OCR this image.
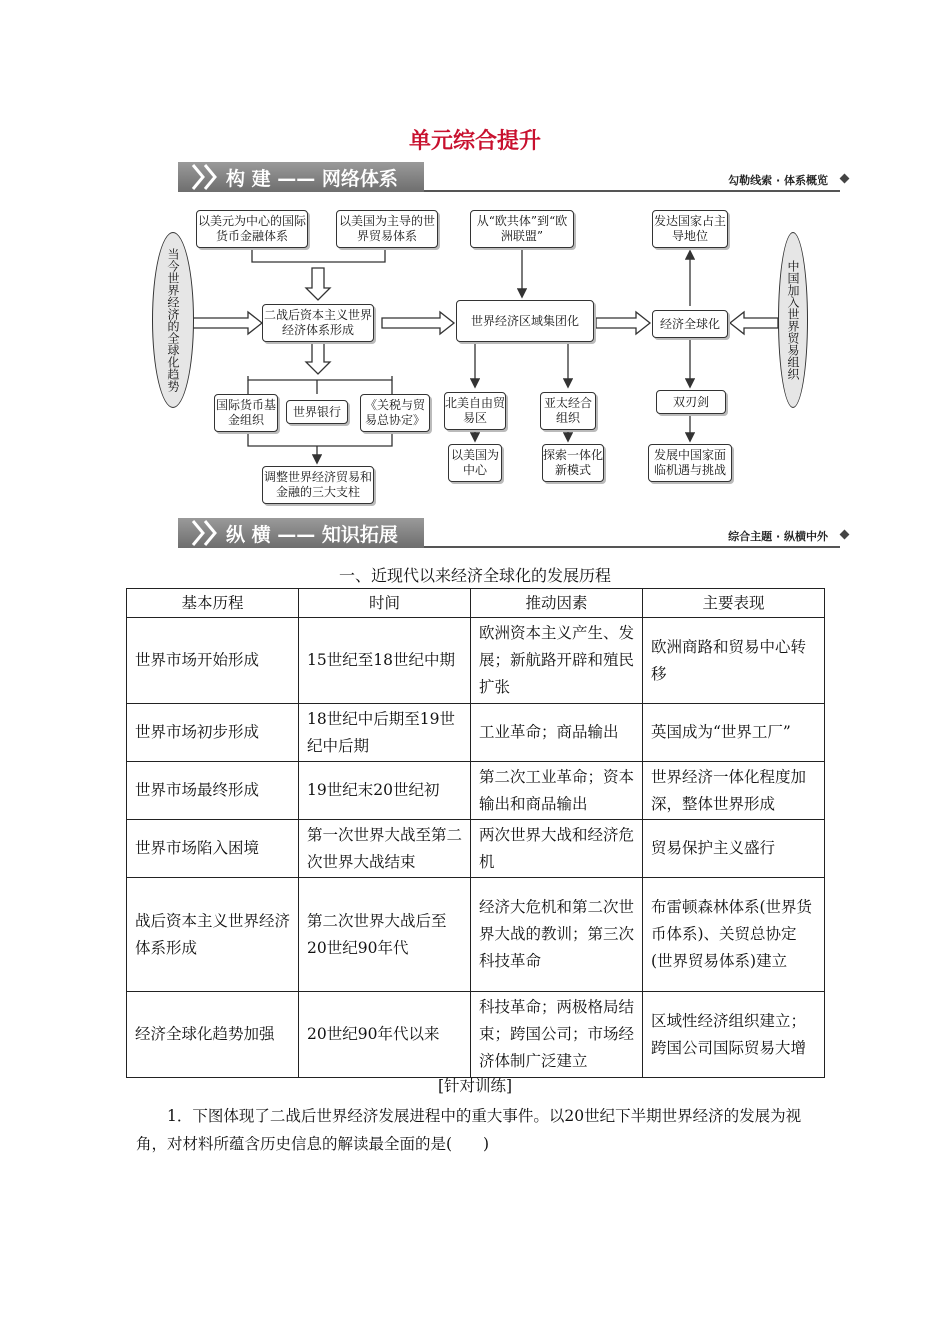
单元综合提升
构 建 —— 网络体系	勾勒线索 · 体系概览
当今世界经济的全球化趋势	中国加入世界贸易组织
以美元为中心的国际货币金融体系
以美国为主导的世界贸易体系
二战后资本主义世界经济体系形成
国际货币基金组织
世界银行	《关税与贸易总协定》
调整世界经济贸易和金融的三大支柱
从“欧共体”到“欧洲联盟”
世界经济区域集团化
北美自由贸易区
亚太经合组织
以美国为中心
探索一体化新模式
发达国家占主导地位
经济全球化
双刃剑
发展中国家面临机遇与挑战
纵 横 —— 知识拓展	综合主题 · 纵横中外
一、近现代以来经济全球化的发展历程
基本历程	时间	推动因素	主要表现
世界市场开始形成	15世纪至18世纪中期	欧洲资本主义产生、发展；新航路开辟和殖民扩张	欧洲商路和贸易中心转移
世界市场初步形成	18世纪中后期至19世纪中后期	工业革命；商品输出	英国成为“世界工厂”
世界市场最终形成	19世纪末20世纪初	第二次工业革命；资本输出和商品输出	世界经济一体化程度加深，整体世界形成
世界市场陷入困境	第一次世界大战至第二次世界大战结束	两次世界大战和经济危机	贸易保护主义盛行
战后资本主义世界经济体系形成	第二次世界大战后至20世纪90年代	经济大危机和第二次世界大战的教训；第三次科技革命	布雷顿森林体系(世界货币体系)、关贸总协定(世界贸易体系)建立
经济全球化趋势加强	20世纪90年代以来	科技革命；两极格局结束；跨国公司；市场经济体制广泛建立	区域性经济组织建立；跨国公司国际贸易大增
[针对训练]
1．下图体现了二战后世界经济发展进程中的重大事件。以20世纪下半期世界经济的发展为视角，对材料所蕴含历史信息的解读最全面的是(　　)
